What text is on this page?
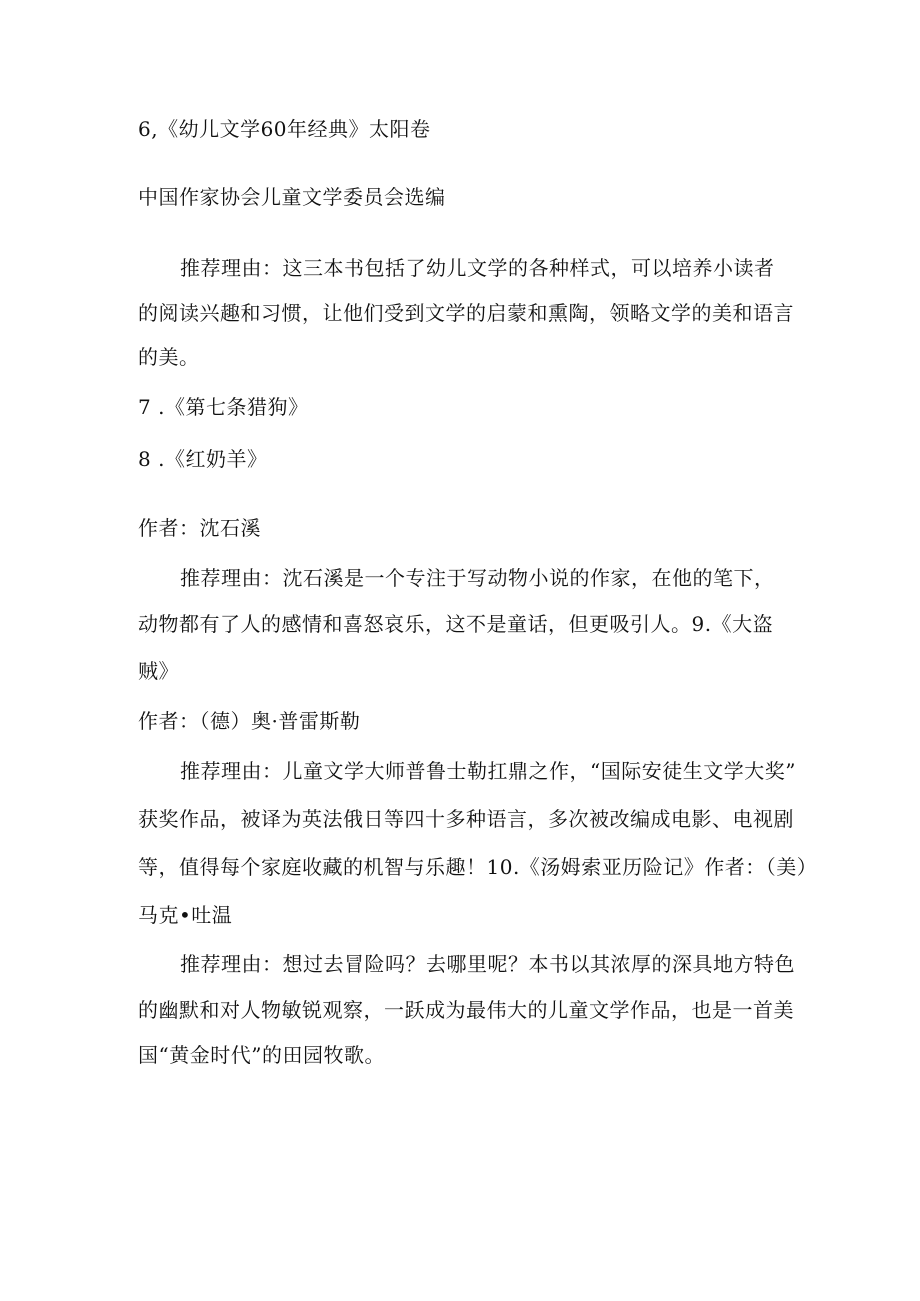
6,《幼儿文学60年经典》太阳卷
中国作家协会儿童文学委员会选编
推荐理由：这三本书包括了幼儿文学的各种样式，可以培养小读者
的阅读兴趣和习惯，让他们受到文学的启蒙和熏陶，领略文学的美和语言
的美。
7 .《第七条猎狗》
8 .《红奶羊》
作者：沈石溪
推荐理由：沈石溪是一个专注于写动物小说的作家，在他的笔下，
动物都有了人的感情和喜怒哀乐，这不是童话，但更吸引人。9.《大盗
贼》
作者：（德）奥·普雷斯勒
推荐理由：儿童文学大师普鲁士勒扛鼎之作，“国际安徒生文学大奖”
获奖作品，被译为英法俄日等四十多种语言，多次被改编成电影、电视剧
等，值得每个家庭收藏的机智与乐趣！10.《汤姆索亚历险记》作者：（美）
马克•吐温
推荐理由：想过去冒险吗？去哪里呢？本书以其浓厚的深具地方特色
的幽默和对人物敏锐观察，一跃成为最伟大的儿童文学作品，也是一首美
国“黄金时代”的田园牧歌。
